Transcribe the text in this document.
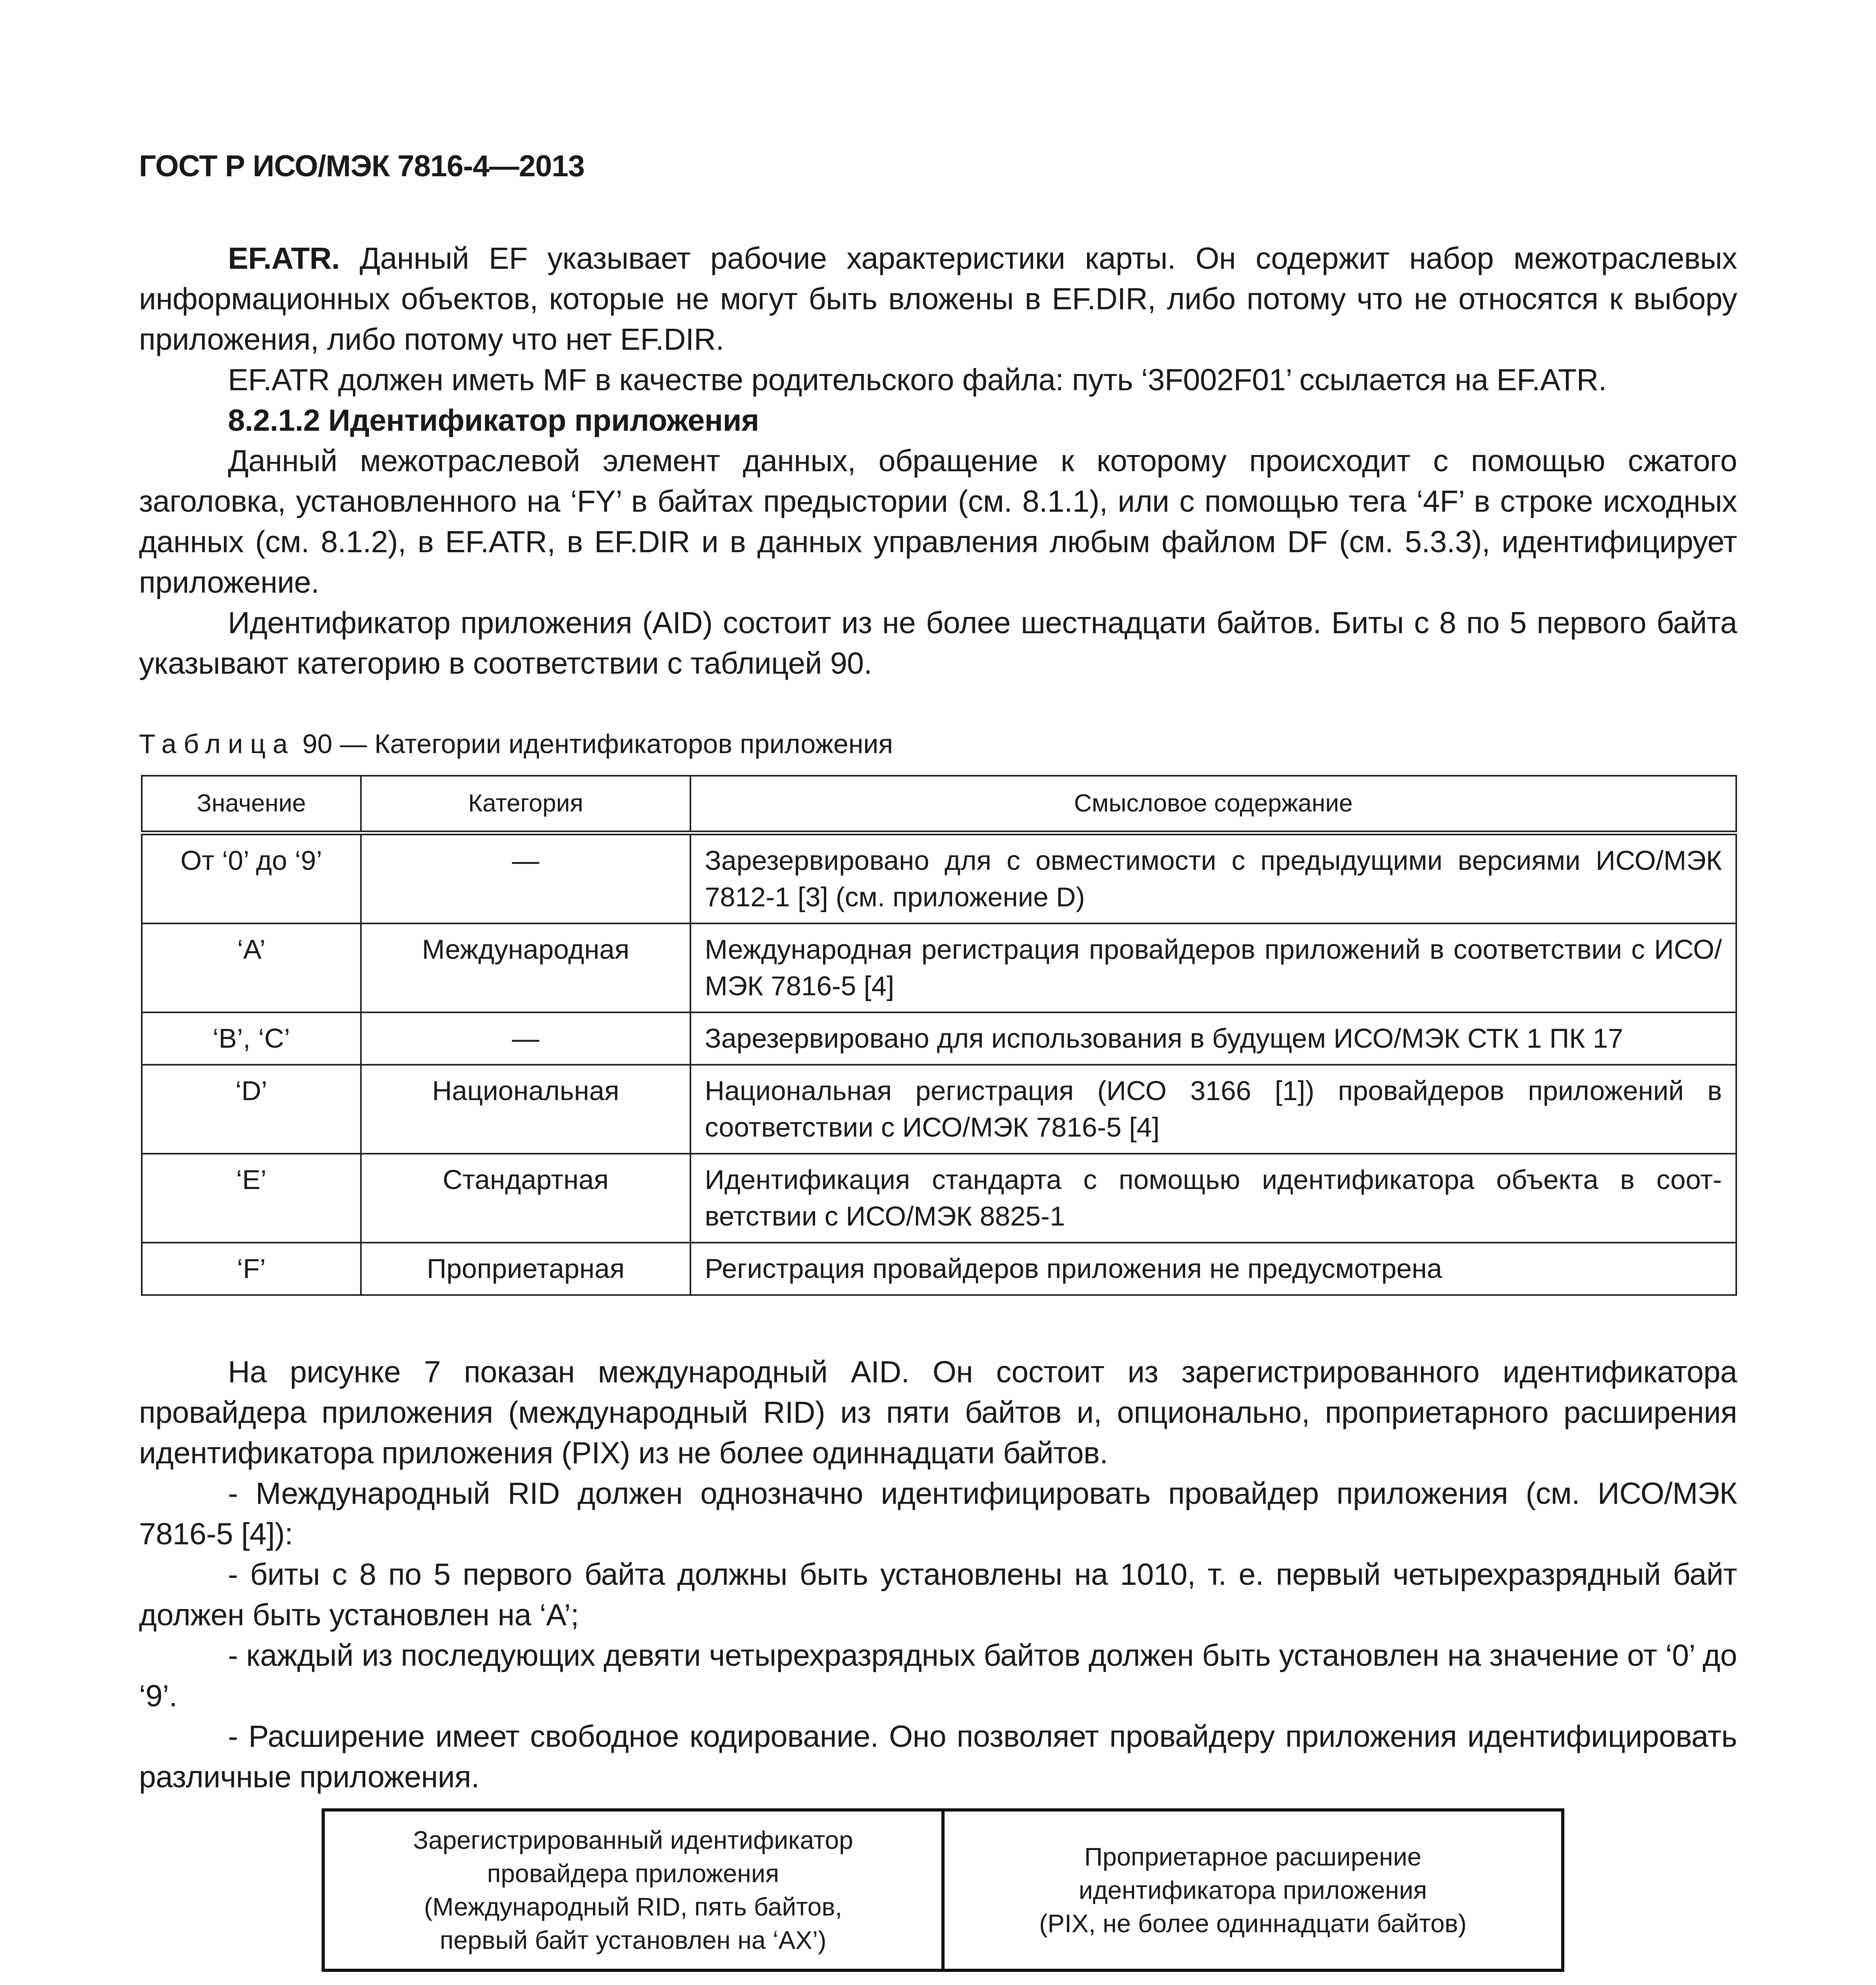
ГОСТ Р ИСО/МЭК 7816-4—2013

EF.ATR. Данный EF указывает рабочие характеристики карты. Он содержит набор межотраслевых информационных объектов, которые не могут быть вложены в EF.DIR, либо потому что не относятся к выбору приложения, либо потому что нет EF.DIR.

EF.ATR должен иметь MF в качестве родительского файла: путь ‘3F002F01’ ссылается на EF.ATR.

8.2.1.2 Идентификатор приложения

Данный межотраслевой элемент данных, обращение к которому происходит с помощью сжатого заголовка, установленного на ‘FY’ в байтах предыстории (см. 8.1.1), или с помощью тега ‘4F’ в строке исходных данных (см. 8.1.2), в EF.ATR, в EF.DIR и в данных управления любым файлом DF (см. 5.3.3), идентифицирует приложение.

Идентификатор приложения (AID) состоит из не более шестнадцати байтов. Биты с 8 по 5 первого байта указывают категорию в соответствии с таблицей 90.

Таблица 90 — Категории идентификаторов приложения
Значение	Категория	Смысловое содержание
От ‘0’ до ‘9’	—	Зарезервировано для с овместимости с предыдущими версиями ИСО/МЭК 7812-1 [3] (см. приложение D)
‘A’	Международная	Международная регистрация провайдеров приложений в соответствии с ИСО/МЭК 7816-5 [4]
‘B’, ‘C’	—	Зарезервировано для использования в будущем ИСО/МЭК СТК 1 ПК 17
‘D’	Национальная	Национальная регистрация (ИСО 3166 [1]) провайдеров приложений в соответствии с ИСО/МЭК 7816-5 [4]
‘E’	Стандартная	Идентификация стандарта с помощью идентификатора объекта в соот-ветствии с ИСО/МЭК 8825-1
‘F’	Проприетарная	Регистрация провайдеров приложения не предусмотрена

На рисунке 7 показан международный AID. Он состоит из зарегистрированного идентификатора провайдера приложения (международный RID) из пяти байтов и, опционально, проприетарного расширения идентификатора приложения (PIX) из не более одиннадцати байтов.

- Международный RID должен однозначно идентифицировать провайдер приложения (см. ИСО/МЭК 7816-5 [4]):

- биты с 8 по 5 первого байта должны быть установлены на 1010, т. е. первый четырехразрядный байт должен быть установлен на ‘A’;

- каждый из последующих девяти четырехразрядных байтов должен быть установлен на значение от ‘0’ до ‘9’.

- Расширение имеет свободное кодирование. Оно позволяет провайдеру приложения идентифицировать различные приложения.

Зарегистрированный идентификатор
провайдера приложения
(Международный RID, пять байтов,
первый байт установлен на ‘AX’)
Проприетарное расширение
идентификатора приложения
(PIX, не более одиннадцати байтов)
